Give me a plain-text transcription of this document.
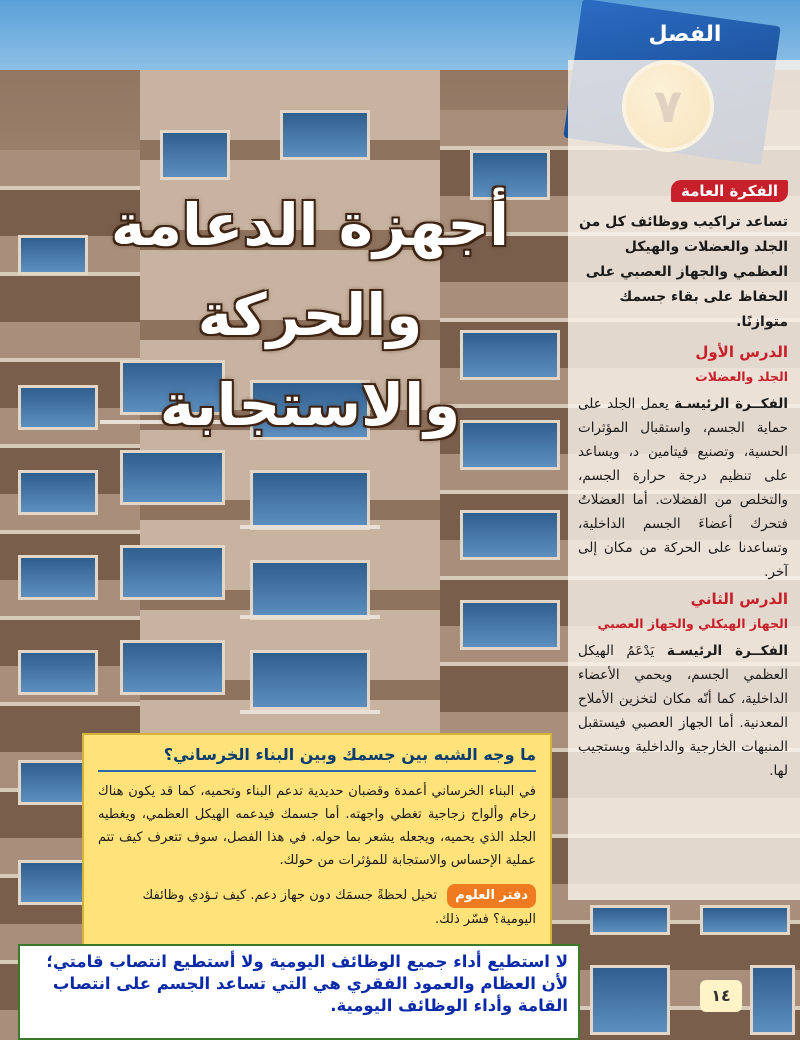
الفصل
أجهزة الدعامة
والحركة والاستجابة
الفكرة العامة
تساعد تراكيب ووظائف كل من الجلد والعضلات والهيكل العظمي والجهاز العصبي على الحفاظ على بقاء جسمك متوازنًا.
الدرس الأول
الجلد والعضلات
الفكــرة الرئيسـة يعمل الجلد على حماية الجسم، واستقبال المؤثرات الحسية، وتصنيع فيتامين د، ويساعد على تنظيم درجة حرارة الجسم، والتخلص من الفضلات. أما العضلاتُ فتحرك أعضاءَ الجسم الداخلية، وتساعدنا على الحركة من مكان إلى آخر.
الدرس الثاني
الجهاز الهيكلي والجهاز العصبي
الفكــرة الرئيسـة يَدْعَمُ الهيكل العظمي الجسم، ويحمي الأعضاء الداخلية، كما أنّه مكان لتخزين الأملاح المعدنية. أما الجهاز العصبي فيستقبل المنبهات الخارجية والداخلية ويستجيب لها.
ما وجه الشبه بين جسمك وبين البناء الخرساني؟
في البناء الخرساني أعمدة وقضبان حديدية تدعم البناء وتحميه، كما قد يكون هناك رخام وألواح زجاجية تغطي واجهته. أما جسمك فيدعمه الهيكل العظمي، ويغطيه الجلد الذي يحميه، ويجعله يشعر بما حوله. في هذا الفصل، سوف تتعرف كيف تتم عملية الإحساس والاستجابة للمؤثرات من حولك.
دفتر العلوم تخيل لحظةً جسمَك دون جهاز دعم. كيف تـؤدي وظائفك اليومية؟ فسّر ذلك.
لا استطيع أداء جميع الوظائف اليومية ولا أستطيع انتصاب قامتي؛ لأن العظام والعمود الفقري هي التي تساعد الجسم على انتصاب القامة وأداء الوظائف اليومية.
١٤
